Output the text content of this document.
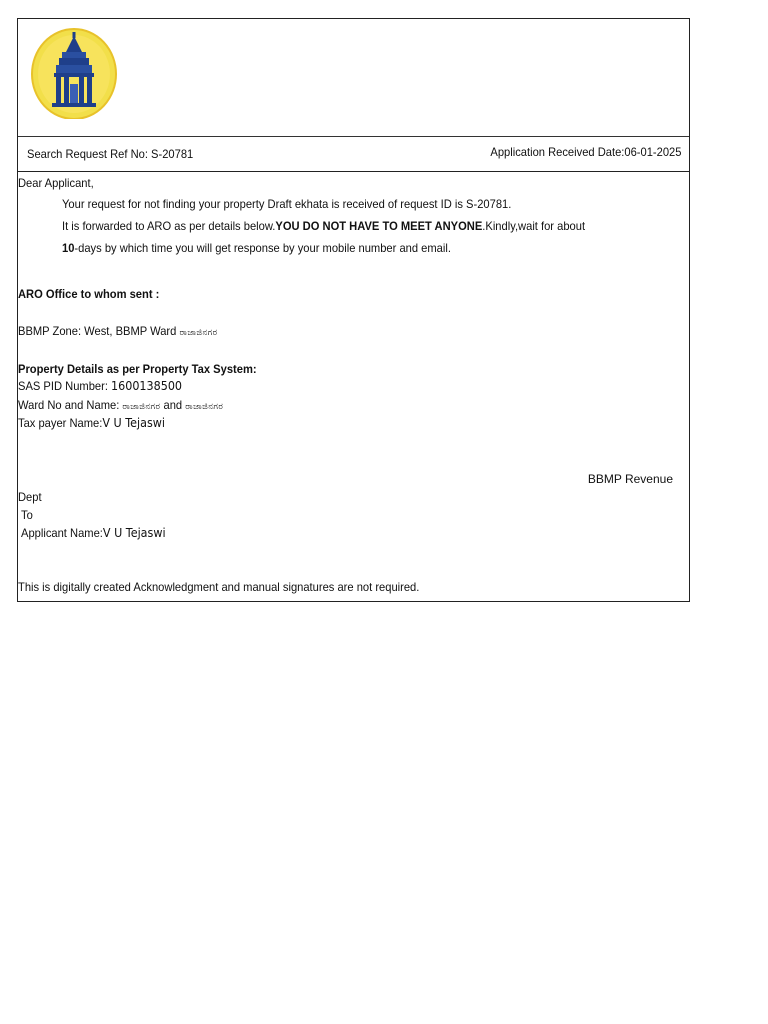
Search Request Ref No: S-20781	Application Received Date:06-01-2025
Dear Applicant,
Your request for not finding your property Draft ekhata is received of request ID is S-20781.
It is forwarded to ARO as per details below.YOU DO NOT HAVE TO MEET ANYONE.Kindly,wait for about
10-days by which time you will get response by your mobile number and email.
ARO Office to whom sent :
BBMP Zone: West, BBMP Ward ರಾಜಾಜಿನಗರ
Property Details as per Property Tax System:
SAS PID Number: 1600138500
Ward No and Name: ರಾಜಾಜಿನಗರ and ರಾಜಾಜಿನಗರ
Tax payer Name:V U Tejaswi
BBMP Revenue
Dept
To
Applicant Name:V U Tejaswi
This is digitally created Acknowledgment and manual signatures are not required.
